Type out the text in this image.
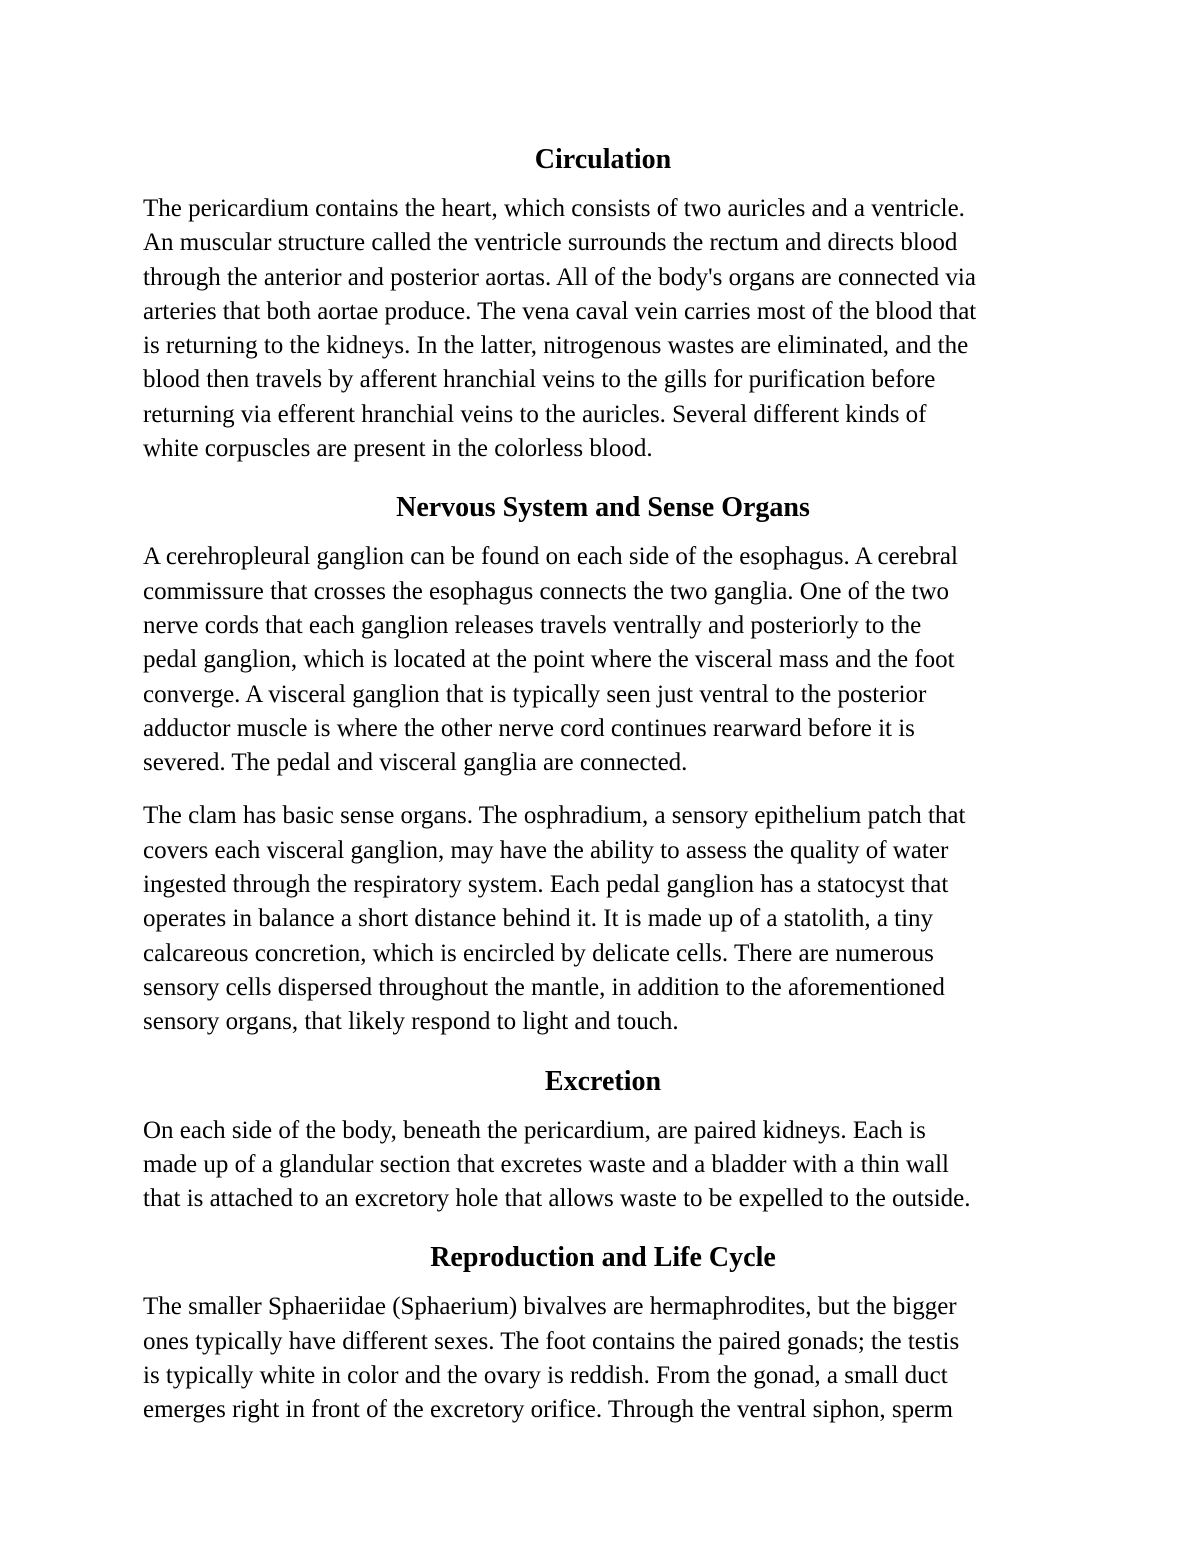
Circulation

The pericardium contains the heart, which consists of two auricles and a ventricle.
An muscular structure called the ventricle surrounds the rectum and directs blood
through the anterior and posterior aortas. All of the body's organs are connected via
arteries that both aortae produce. The vena caval vein carries most of the blood that
is returning to the kidneys. In the latter, nitrogenous wastes are eliminated, and the
blood then travels by afferent hranchial veins to the gills for purification before
returning via efferent hranchial veins to the auricles. Several different kinds of
white corpuscles are present in the colorless blood.

Nervous System and Sense Organs

A cerehropleural ganglion can be found on each side of the esophagus. A cerebral
commissure that crosses the esophagus connects the two ganglia. One of the two
nerve cords that each ganglion releases travels ventrally and posteriorly to the
pedal ganglion, which is located at the point where the visceral mass and the foot
converge. A visceral ganglion that is typically seen just ventral to the posterior
adductor muscle is where the other nerve cord continues rearward before it is
severed. The pedal and visceral ganglia are connected.

The clam has basic sense organs. The osphradium, a sensory epithelium patch that
covers each visceral ganglion, may have the ability to assess the quality of water
ingested through the respiratory system. Each pedal ganglion has a statocyst that
operates in balance a short distance behind it. It is made up of a statolith, a tiny
calcareous concretion, which is encircled by delicate cells. There are numerous
sensory cells dispersed throughout the mantle, in addition to the aforementioned
sensory organs, that likely respond to light and touch.

Excretion

On each side of the body, beneath the pericardium, are paired kidneys. Each is
made up of a glandular section that excretes waste and a bladder with a thin wall
that is attached to an excretory hole that allows waste to be expelled to the outside.

Reproduction and Life Cycle

The smaller Sphaeriidae (Sphaerium) bivalves are hermaphrodites, but the bigger
ones typically have different sexes. The foot contains the paired gonads; the testis
is typically white in color and the ovary is reddish. From the gonad, a small duct
emerges right in front of the excretory orifice. Through the ventral siphon, sperm
